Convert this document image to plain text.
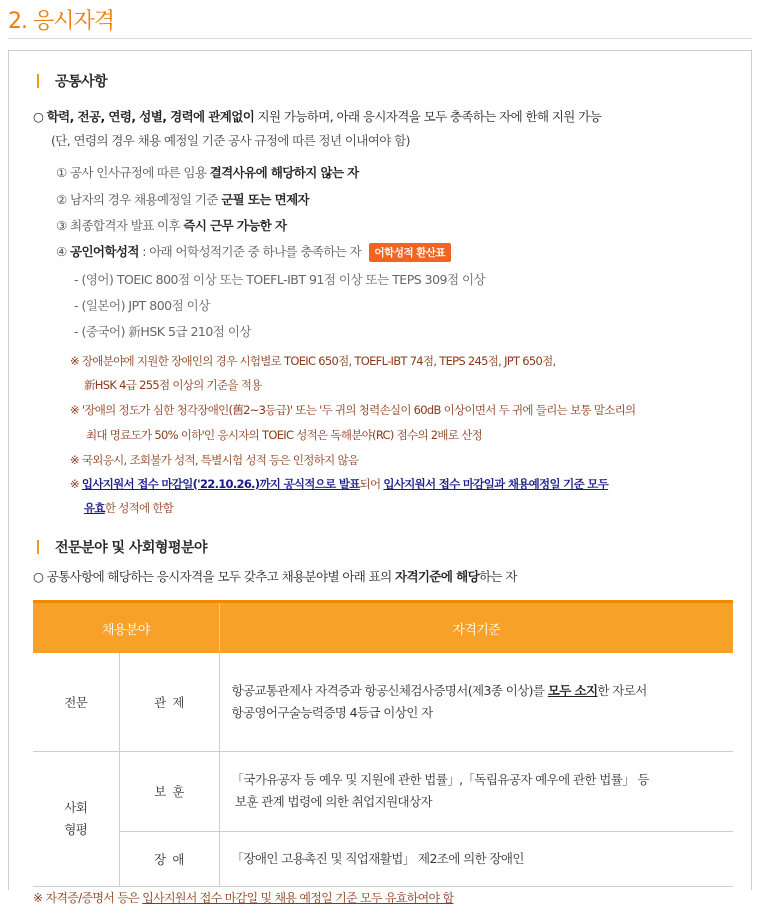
2. 응시자격
공통사항
○ 학력, 전공, 연령, 성별, 경력에 관계없이 지원 가능하며, 아래 응시자격을 모두 충족하는 자에 한해 지원 가능
(단, 연령의 경우 채용 예정일 기준 공사 규정에 따른 정년 이내여야 함)
① 공사 인사규정에 따른 임용 결격사유에 해당하지 않는 자
② 남자의 경우 채용예정일 기준 군필 또는 면제자
③ 최종합격자 발표 이후 즉시 근무 가능한 자
④ 공인어학성적 : 아래 어학성적기준 중 하나를 충족하는 자 어학성적 환산표
- (영어) TOEIC 800점 이상 또는 TOEFL-IBT 91점 이상 또는 TEPS 309점 이상
- (일본어) JPT 800점 이상
- (중국어) 新HSK 5급 210점 이상
※ 장애분야에 지원한 장애인의 경우 시험별로 TOEIC 650점, TOEFL-IBT 74점, TEPS 245점, JPT 650점,
新HSK 4급 255점 이상의 기준을 적용
※ '장애의 정도가 심한 청각장애인(舊2~3등급)' 또는 '두 귀의 청력손실이 60dB 이상이면서 두 귀에 들리는 보통 말소리의
최대 명료도가 50% 이하'인 응시자의 TOEIC 성적은 독해분야(RC) 점수의 2배로 산정
※ 국외응시, 조회불가 성적, 특별시험 성적 등은 인정하지 않음
※ 입사지원서 접수 마감일('22.10.26.)까지 공식적으로 발표되어 입사지원서 접수 마감일과 채용예정일 기준 모두
유효한 성적에 한함
전문분야 및 사회형평분야
○ 공통사항에 해당하는 응시자격을 모두 갖추고 채용분야별 아래 표의 자격기준에 해당하는 자
채용분야		자격기준
전문	관  제	항공교통관제사 자격증과 항공신체검사증명서(제3종 이상)를 모두 소지한 자로서
항공영어구술능력증명 4등급 이상인 자
사회
형평	보  훈	「국가유공자 등 예우 및 지원에 관한 법률」,「독립유공자 예우에 관한 법률」 등
보훈 관계 법령에 의한 취업지원대상자
	장  애	「장애인 고용촉진 및 직업재활법」 제2조에 의한 장애인
※ 자격증/증명서 등은 입사지원서 접수 마감일 및 채용 예정일 기준 모두 유효하여야 함
